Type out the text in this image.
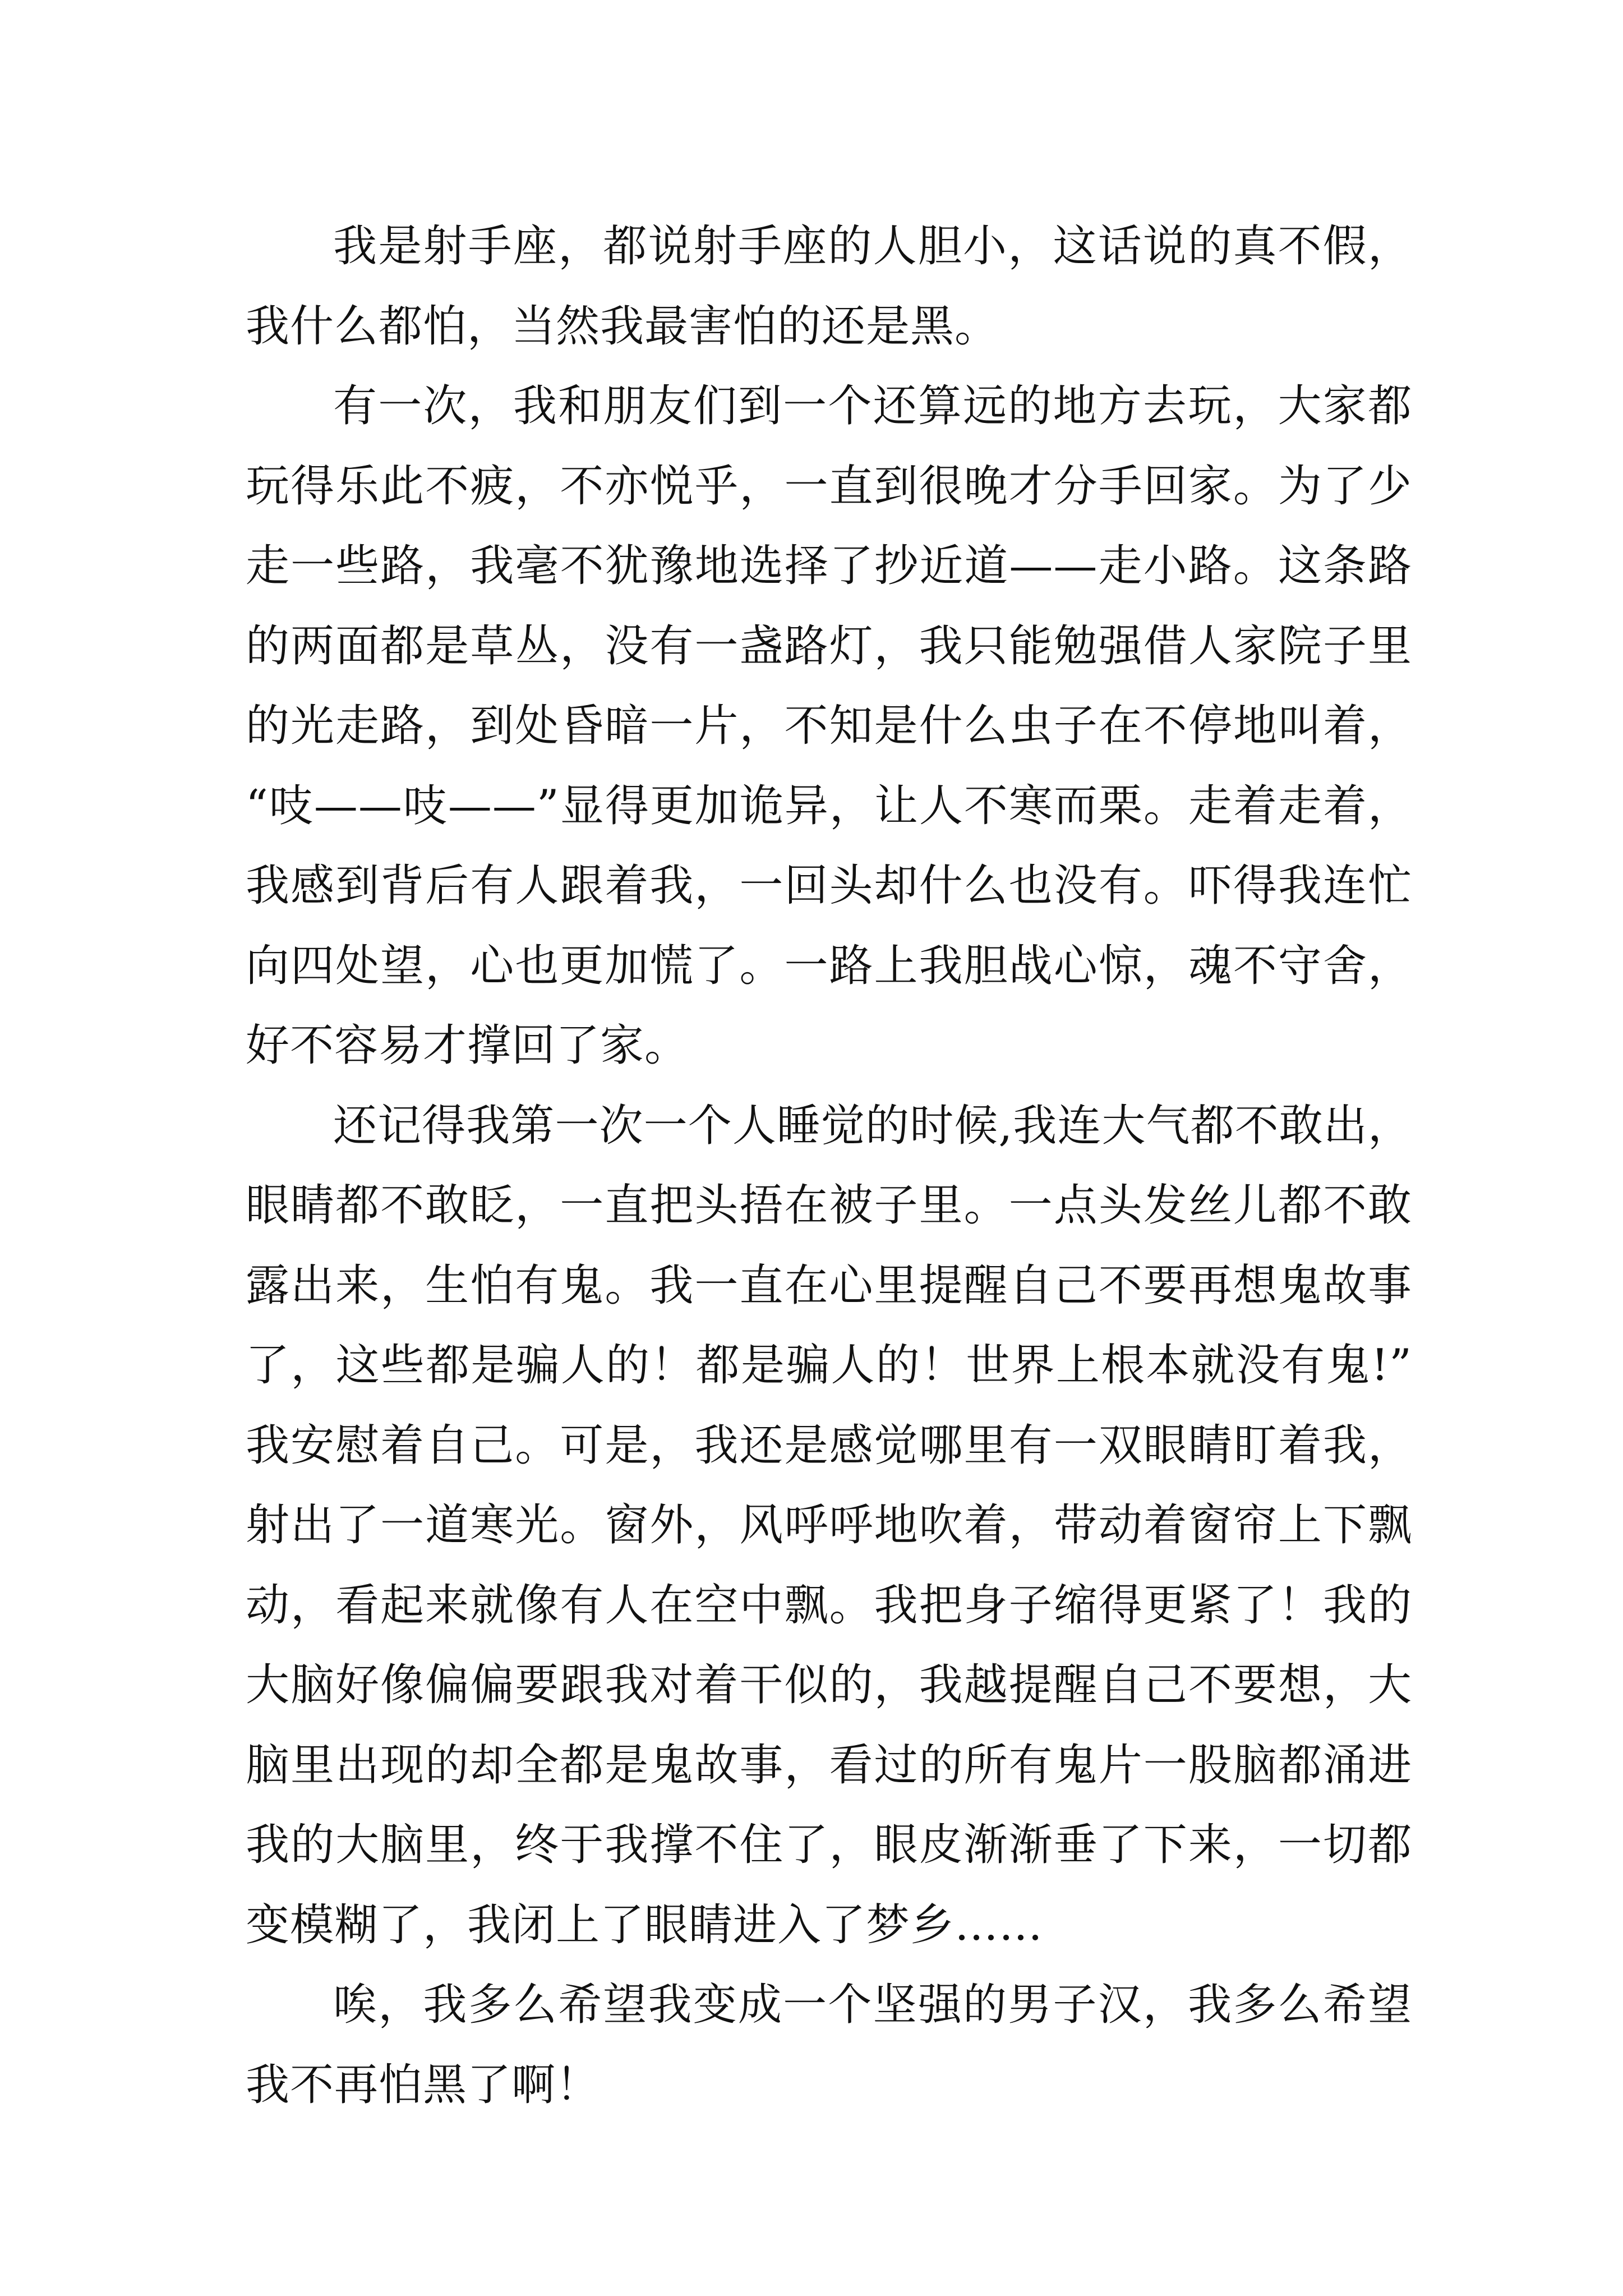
我是射手座，都说射手座的人胆小，这话说的真不假，
我什么都怕，当然我最害怕的还是黑。
有一次，我和朋友们到一个还算远的地方去玩，大家都
玩得乐此不疲，不亦悦乎，一直到很晚才分手回家。为了少
走一些路，我毫不犹豫地选择了抄近道——走小路。这条路
的两面都是草丛，没有一盏路灯，我只能勉强借人家院子里
的光走路，到处昏暗一片，不知是什么虫子在不停地叫着，
“吱——吱——”显得更加诡异，让人不寒而栗。走着走着，
我感到背后有人跟着我，一回头却什么也没有。吓得我连忙
向四处望，心也更加慌了。一路上我胆战心惊，魂不守舍，
好不容易才撑回了家。
还记得我第一次一个人睡觉的时候,我连大气都不敢出，
眼睛都不敢眨，一直把头捂在被子里。一点头发丝儿都不敢
露出来，生怕有鬼。我一直在心里提醒自己不要再想鬼故事
了，这些都是骗人的！都是骗人的！世界上根本就没有鬼!”
我安慰着自己。可是，我还是感觉哪里有一双眼睛盯着我，
射出了一道寒光。窗外，风呼呼地吹着，带动着窗帘上下飘
动，看起来就像有人在空中飘。我把身子缩得更紧了！我的
大脑好像偏偏要跟我对着干似的，我越提醒自己不要想，大
脑里出现的却全都是鬼故事，看过的所有鬼片一股脑都涌进
我的大脑里，终于我撑不住了，眼皮渐渐垂了下来，一切都
变模糊了，我闭上了眼睛进入了梦乡……
唉，我多么希望我变成一个坚强的男子汉，我多么希望
我不再怕黑了啊！
